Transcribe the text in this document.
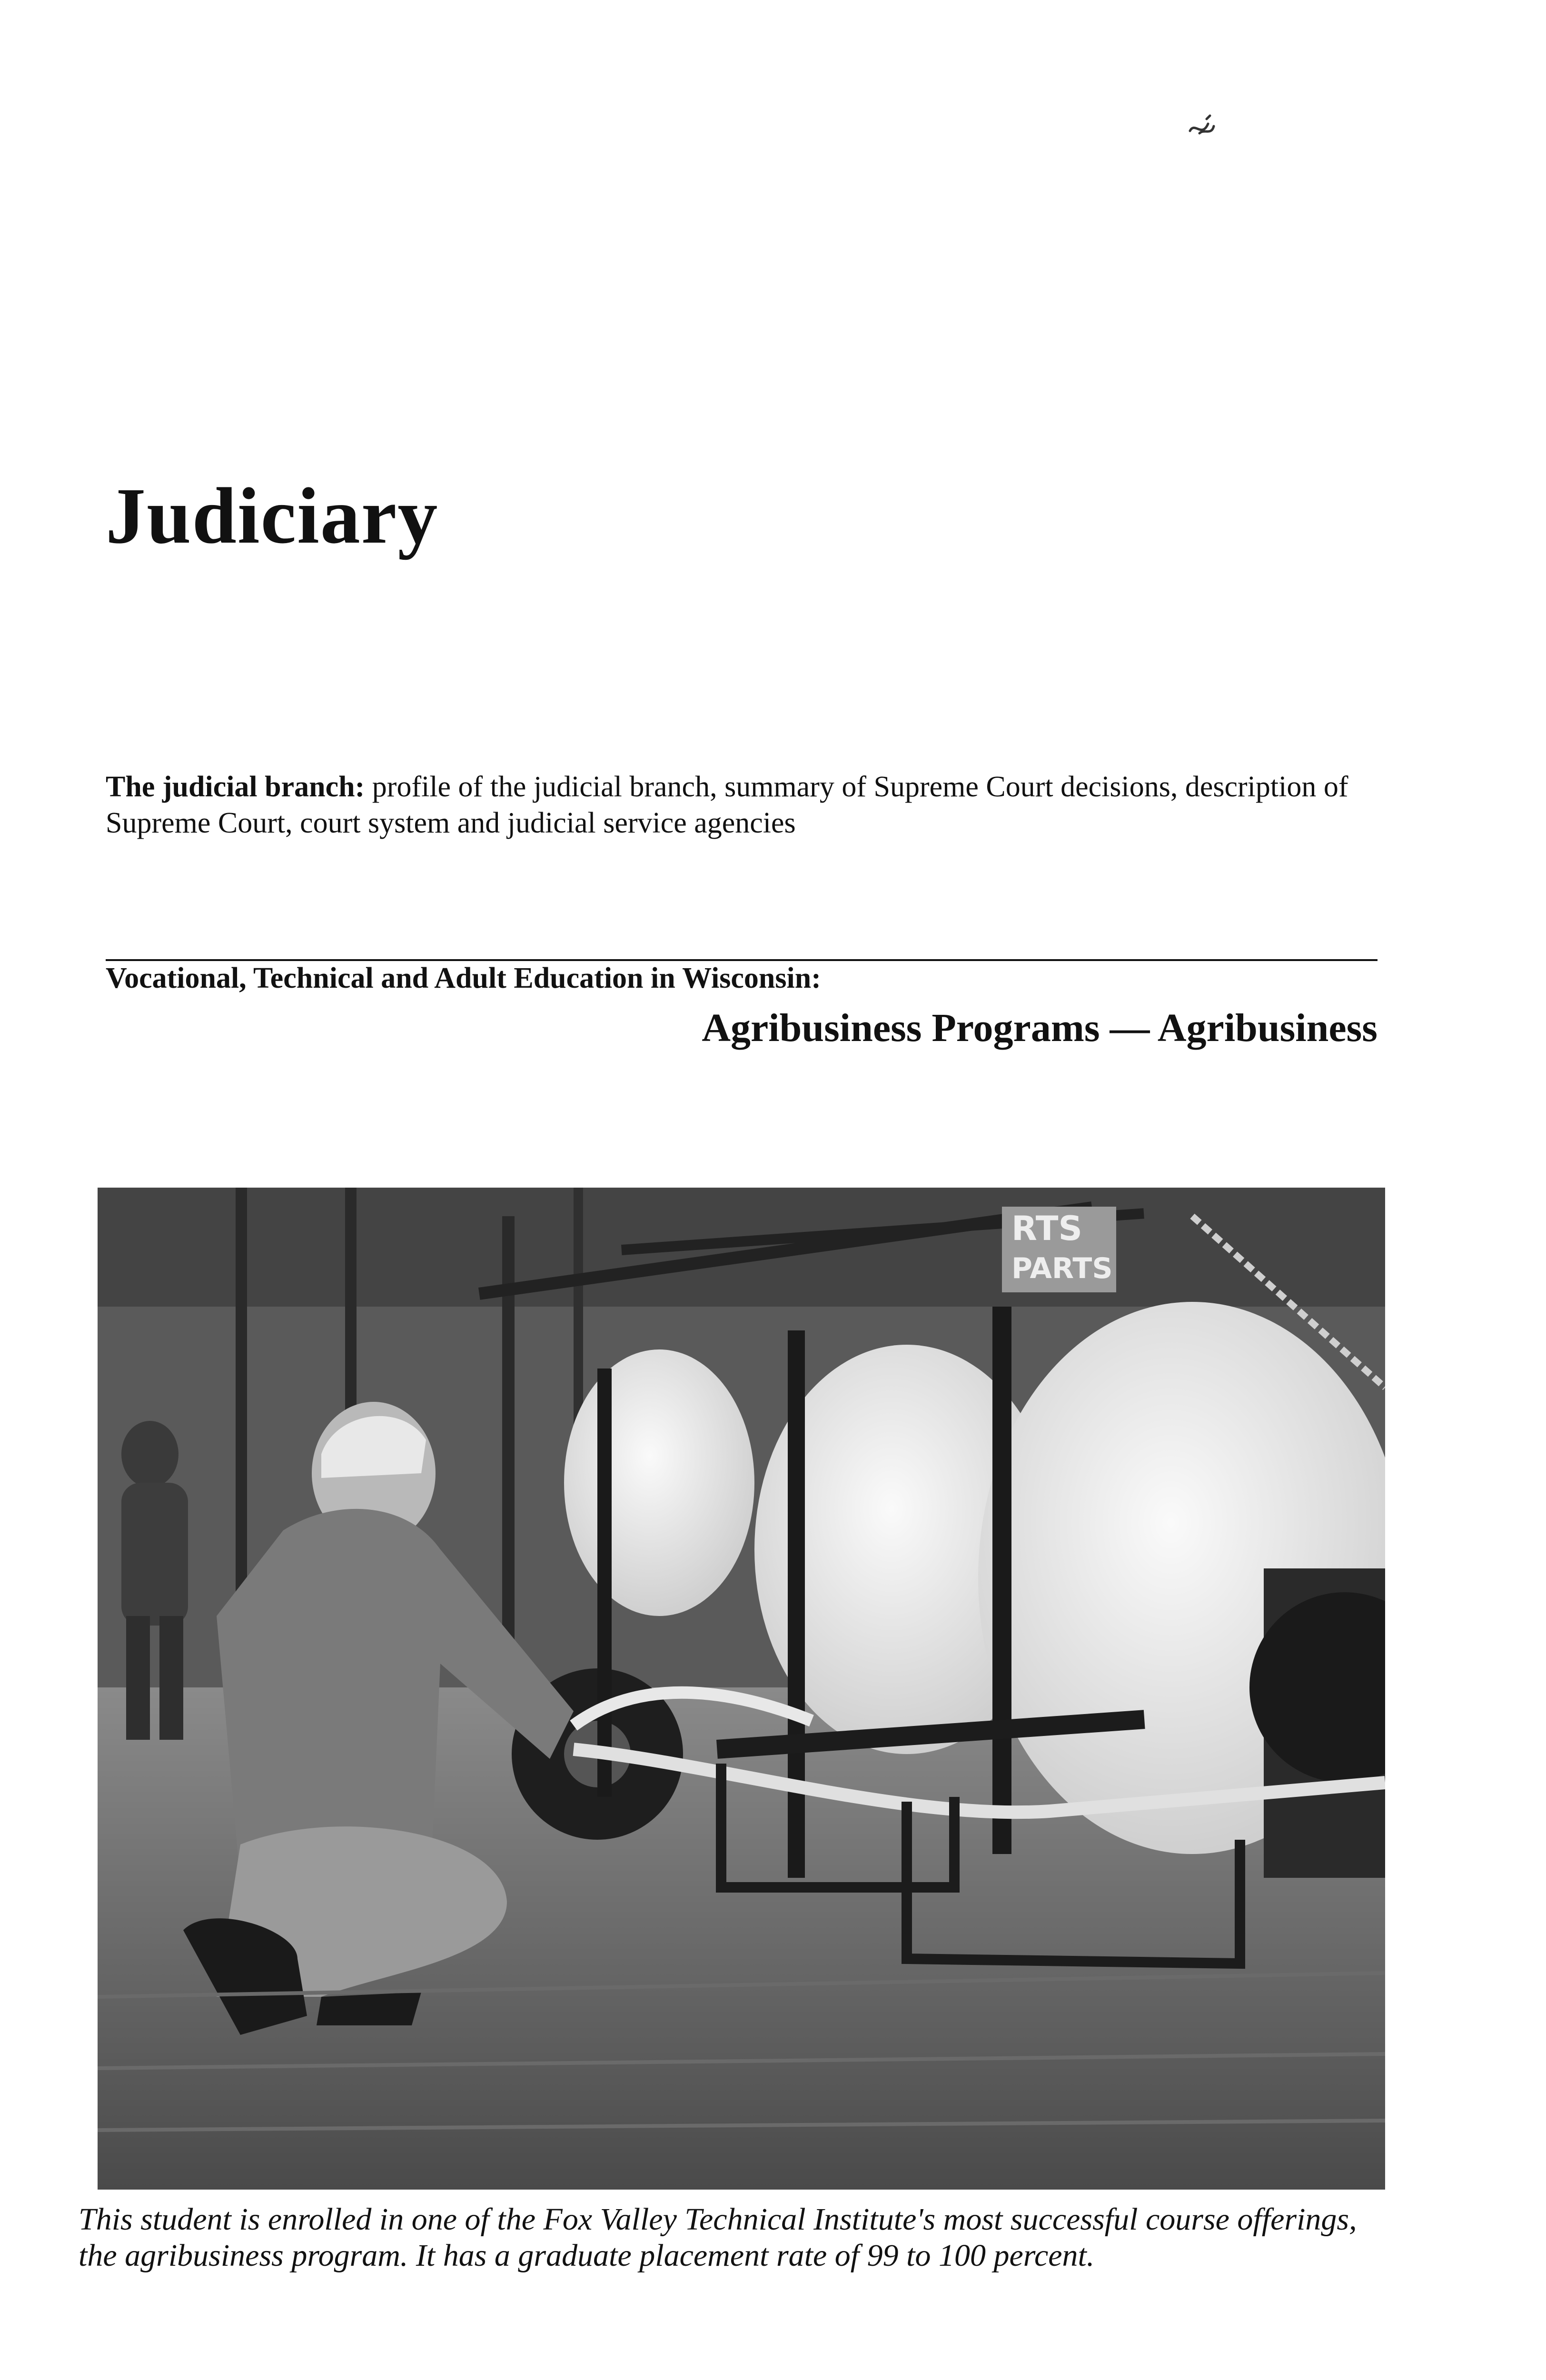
Judiciary
The judicial branch: profile of the judicial branch, summary of Supreme Court decisions, description of Supreme Court, court system and judicial service agencies
Vocational, Technical and Adult Education in Wisconsin:
Agribusiness Programs — Agribusiness
RTS
PARTS
This student is enrolled in one of the Fox Valley Technical Institute's most successful course offerings, the agribusiness program. It has a graduate placement rate of 99 to 100 percent.
